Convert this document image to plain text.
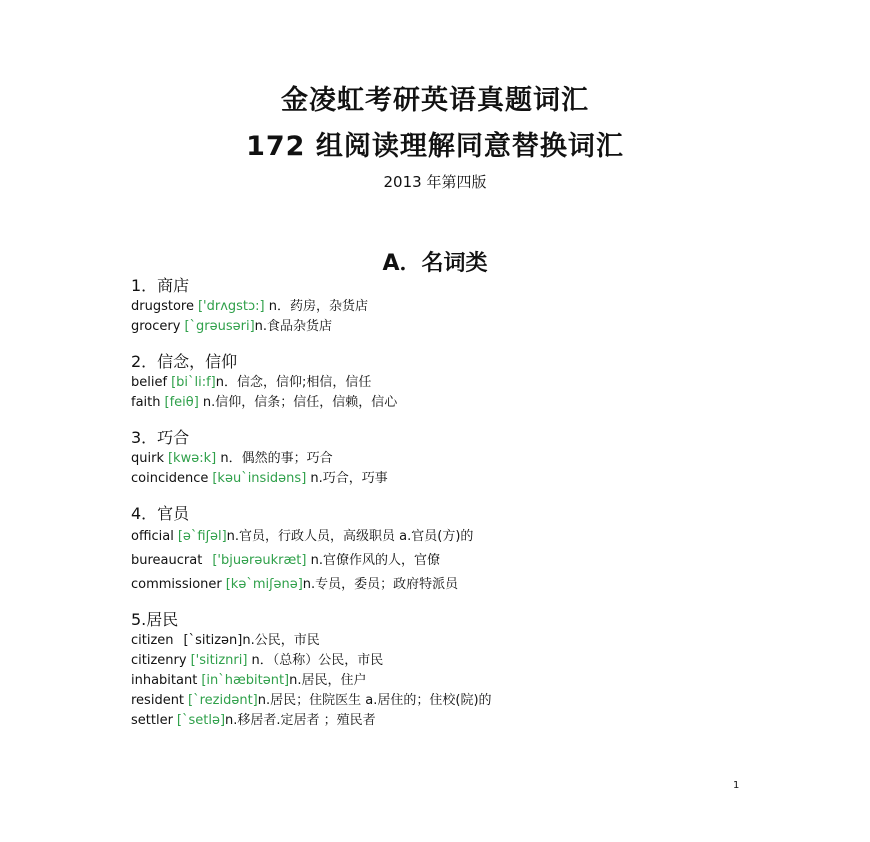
金凌虹考研英语真题词汇
172 组阅读理解同意替换词汇
2013 年第四版
A．名词类
1．商店
drugstore ['drʌgstɔ:] n．药房，杂货店
grocery [ˋgrəusəri]n.食品杂货店
2．信念，信仰
belief [biˋli:f]n．信念，信仰;相信，信任
faith [feiθ] n.信仰，信条；信任，信赖，信心
3．巧合
quirk [kwə:k] n．偶然的事；巧合
coincidence [kəuˋinsidəns] n.巧合，巧事
4．官员
official [əˋfiʃəl]n.官员，行政人员，高级职员 a.官员(方)的
bureaucrat ['bjuərəukræt] n.官僚作风的人，官僚
commissioner [kəˋmiʃənə]n.专员，委员；政府特派员
5.居民
citizen [ˋsitizən]n.公民，市民
citizenry ['sitiznri] n．（总称）公民，市民
inhabitant [inˋhæbitənt]n.居民，住户
resident [ˋrezidənt]n.居民；住院医生 a.居住的；住校(院)的
settler [ˋsetlə]n.移居者.定居者 ；殖民者
1
